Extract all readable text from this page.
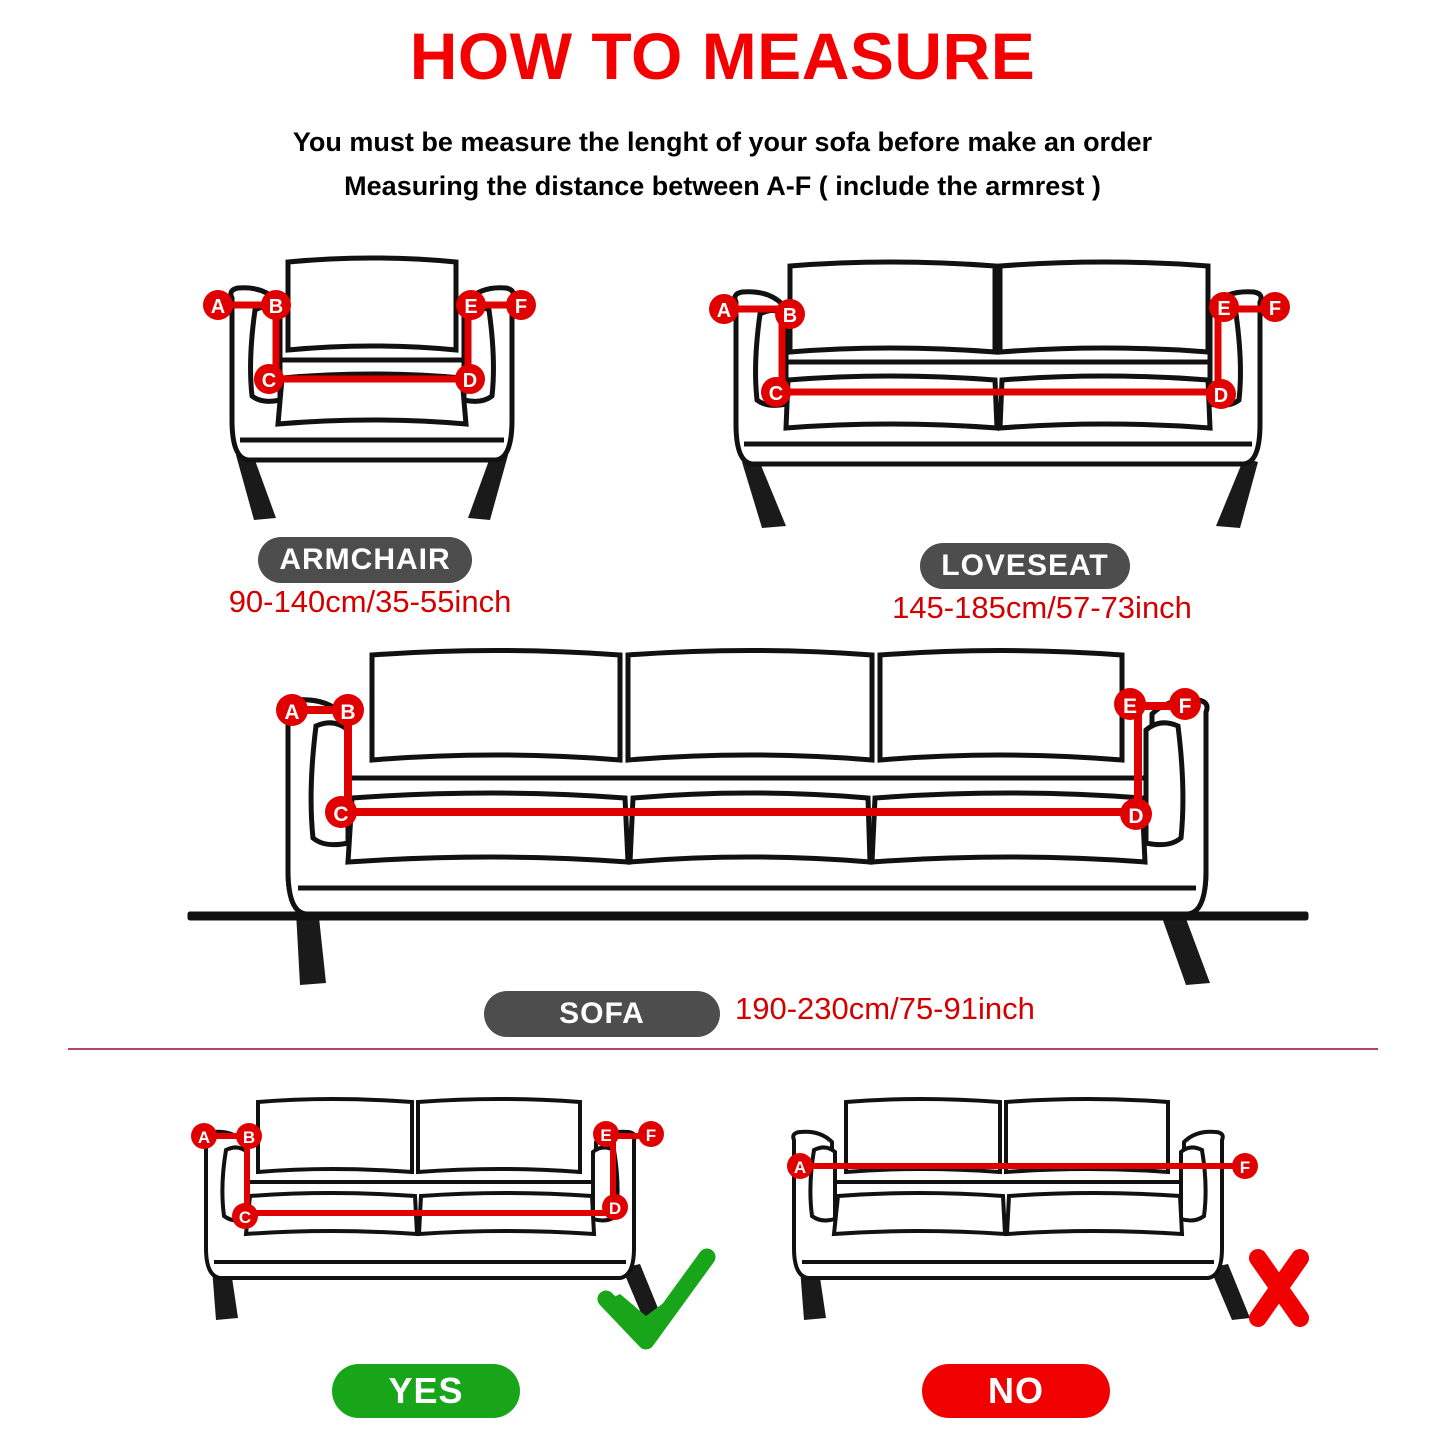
HOW TO MEASURE
You must be measure the lenght of your sofa before make an order
Measuring the distance between A-F ( include the armrest )
A B
C	D
E F	A	B
C	D
E F
A B
C	D
E F
A B
C	D
E F
A	F
ARMCHAIR
90-140cm/35-55inch
LOVESEAT
145-185cm/57-73inch
SOFA	190-230cm/75-91inch
YES	NO
